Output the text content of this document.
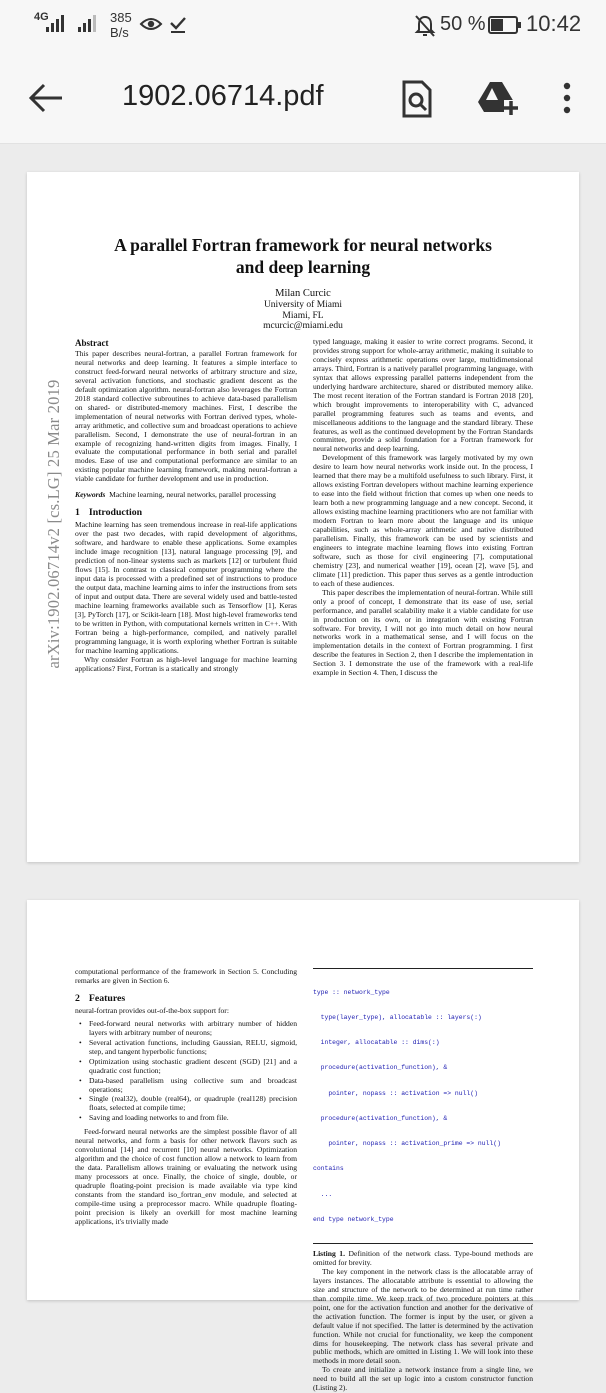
4G	385
B/s	50 % 10:42
1902.06714.pdf
A parallel Fortran framework for neural networks
and deep learning
Milan Curcic
University of Miami
Miami, FL
mcurcic@miami.edu
arXiv:1902.06714v2 [cs.LG] 25 Mar 2019
Abstract

This paper describes neural-fortran, a parallel Fortran framework for neural networks and deep learning. It features a simple interface to construct feed-forward neural networks of arbitrary structure and size, several activation functions, and stochastic gradient descent as the default optimization algorithm. neural-fortran also leverages the Fortran 2018 standard collective subroutines to achieve data-based parallelism on shared- or distributed-memory machines. First, I describe the implementation of neural networks with Fortran derived types, whole-array arithmetic, and collective sum and broadcast operations to achieve parallelism. Second, I demonstrate the use of neural-fortran in an example of recognizing hand-written digits from images. Finally, I evaluate the computational performance in both serial and parallel modes. Ease of use and computational performance are similar to an existing popular machine learning framework, making neural-fortran a viable candidate for further development and use in production.

Keywords Machine learning, neural networks, parallel processing

1 Introduction

Machine learning has seen tremendous increase in real-life applications over the past two decades, with rapid development of algorithms, software, and hardware to enable these applications. Some examples include image recognition [13], natural language processing [9], and prediction of non-linear systems such as markets [12] or turbulent fluid flows [15]. In contrast to classical computer programming where the input data is processed with a predefined set of instructions to produce the output data, machine learning aims to infer the instructions from sets of input and output data. There are several widely used and battle-tested machine learning frameworks available such as Tensorflow [1], Keras [3], PyTorch [17], or Scikit-learn [18]. Most high-level frameworks tend to be written in Python, with computational kernels written in C++. With Fortran being a high-performance, compiled, and natively parallel programming language, it is worth exploring whether Fortran is suitable for machine learning applications.

Why consider Fortran as high-level language for machine learning applications? First, Fortran is a statically and strongly

typed language, making it easier to write correct programs. Second, it provides strong support for whole-array arithmetic, making it suitable to concisely express arithmetic operations over large, multidimensional arrays. Third, Fortran is a natively parallel programming language, with syntax that allows expressing parallel patterns independent from the underlying hardware architecture, shared or distributed memory alike. The most recent iteration of the Fortran standard is Fortran 2018 [20], which brought improvements to interoperability with C, advanced parallel programming features such as teams and events, and miscellaneous additions to the language and the standard library. These features, as well as the continued development by the Fortran Standards committee, provide a solid foundation for a Fortran framework for neural networks and deep learning.

Development of this framework was largely motivated by my own desire to learn how neural networks work inside out. In the process, I learned that there may be a multifold usefulness to such library. First, it allows existing Fortran developers without machine learning experience to ease into the field without friction that comes up when one needs to learn both a new programming language and a new concept. Second, it allows existing machine learning practitioners who are not familiar with modern Fortran to learn more about the language and its unique capabilities, such as whole-array arithmetic and native distributed parallelism. Finally, this framework can be used by scientists and engineers to integrate machine learning flows into existing Fortran software, such as those for civil engineering [7], computational chemistry [23], and numerical weather [19], ocean [2], wave [5], and climate [11] prediction. This paper thus serves as a gentle introduction to each of these audiences.

This paper describes the implementation of neural-fortran. While still only a proof of concept, I demonstrate that its ease of use, serial performance, and parallel scalability make it a viable candidate for use in production on its own, or in integration with existing Fortran software. For brevity, I will not go into much detail on how neural networks work in a mathematical sense, and I will focus on the implementation details in the context of Fortran programming. I first describe the features in Section 2, then I describe the implementation in Section 3. I demonstrate the use of the framework with a real-life example in Section 4. Then, I discuss the

computational performance of the framework in Section 5. Concluding remarks are given in Section 6.

2 Features

neural-fortran provides out-of-the-box support for:

• Feed-forward neural networks with arbitrary number of hidden layers with arbitrary number of neurons;
• Several activation functions, including Gaussian, RELU, sigmoid, step, and tangent hyperbolic functions;
• Optimization using stochastic gradient descent (SGD) [21] and a quadratic cost function;
• Data-based parallelism using collective sum and broadcast operations;
• Single (real32), double (real64), or quadruple (real128) precision floats, selected at compile time;
• Saving and loading networks to and from file.

Feed-forward neural networks are the simplest possible flavor of all neural networks, and form a basis for other network flavors such as convolutional [14] and recurrent [10] neural networks. Optimization algorithm and the choice of cost function allow a network to learn from the data. Parallelism allows training or evaluating the network using many processors at once. Finally, the choice of single, double, or quadruple floating-point precision is made available via type kind constants from the standard iso_fortran_env module, and selected at compile-time using a preprocessor macro. While quadruple floating-point precision is likely an overkill for most machine learning applications, it's trivially made

type :: network_type

type(layer_type), allocatable :: layers(:)

integer, allocatable :: dims(:)

procedure(activation_function), &

pointer, nopass :: activation => null()

procedure(activation_function), &

pointer, nopass :: activation_prime => null()

contains

...

end type network_type

Listing 1. Definition of the network class. Type-bound methods are omitted for brevity.

The key component in the network class is the allocatable array of layers instances. The allocatable attribute is essential to allowing the size and structure of the network to be determined at run time rather than compile time. We keep track of two procedure pointers at this point, one for the activation function and another for the derivative of the activation function. The former is input by the user, or given a default value if not specified. The latter is determined by the activation function. While not crucial for functionality, we keep the component dims for housekeeping. The network class has several private and public methods, which are omitted in Listing 1. We will look into these methods in more detail soon.

To create and initialize a network instance from a single line, we need to build all the set up logic into a custom constructor function (Listing 2).
